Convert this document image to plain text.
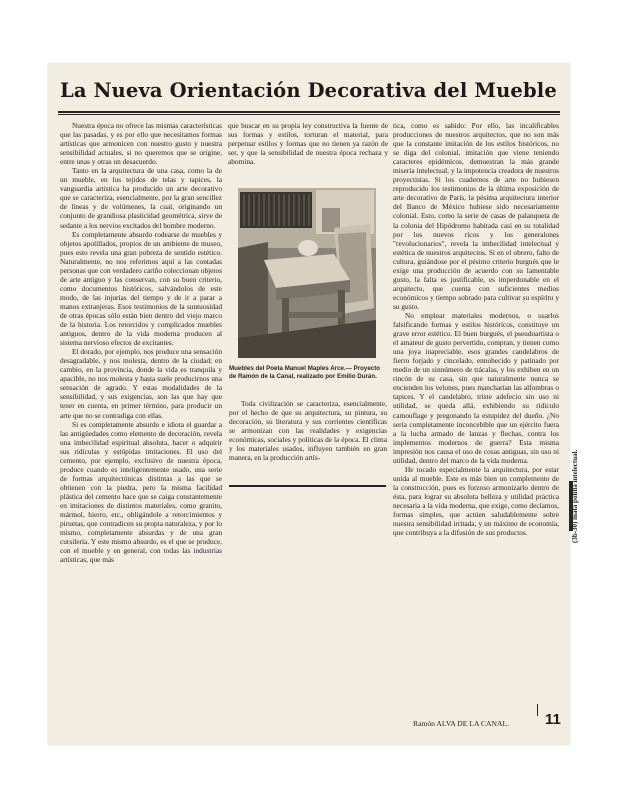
La Nueva Orientación Decorativa del Mueble

Nuestra época no ofrece las mismas características que las pasadas, y es por ello que necesitamos formas artísticas que armonicen con nuestro gusto y nuestra sensibilidad actuales, si no queremos que se origine, entre unas y otras un desacuerdo.

Tanto en la arquitectura de una casa, como la de un mueble, en los tejidos de telas y tapices, la vanguardia artística ha producido un arte decorativo que se caracteriza, esencialmente, por la gran sencillez de líneas y de volúmenes, la cual, originando un conjunto de grandiosa plasticidad geométrica, sirve de sedante a los nervios excitados del hombre moderno.

Es completamente absurdo rodearse de muebles y objetos apolillados, propios de un ambiente de museo, pues esto revela una gran pobreza de sentido estético. Naturalmente, no nos referimos aquí a las contadas personas que con verdadero cariño coleccionan objetos de arte antiguo y las conservan, con su buen criterio, como documentos históricos, salvándolos de este modo, de las injurias del tiempo y de ir a parar a manos extranjeras. Esos testimonios de la suntuosidad de otras épocas sólo están bien dentro del viejo marco de la historia. Los retorcidos y complicados muebles antiguos, dentro de la vida moderna producen al sistema nervioso efectos de excitantes.

El dorado, por ejemplo, nos produce una sensación desagradable, y nos molesta, dentro de la ciudad; en cambio, en la provincia, donde la vida es tranquila y apacible, no nos molesta y hasta suele producirnos una sensación de agrado. Y estas modalidades de la sensibilidad, y sus exigencias, son las que hay que tener en cuenta, en primer término, para producir un arte que no se contradiga con ellas.

Si es completamente absurdo e idiota el guardar a las antigüedades como elemento de decoración, revela una imbecilidad espiritual absoluta, hacer o adquirir sus ridículas y estúpidas imitaciones. El uso del cemento, por ejemplo, exclusivo de nuestra época, produce cuando es inteligentemente usado, una serie de formas arquitectónicas distintas a las que se obtienen con la piedra, pero la misma facilidad plástica del cemento hace que se caiga constantemente en imitaciones de distintos materiales, como granito, mármol, hierro, etc., obligándole a retorcimientos y piruetas, que contradicen su propia naturaleza, y por lo mismo, completamente absurdas y de una gran cursilería. Y este mismo absurdo, es el que se produce, con el mueble y en general, con todas las industrias artísticas, que más

que buscar en su propia ley constructiva la fuente de sus formas y estilos, torturan el material, para perpetuar estilos y formas que no tienen ya razón de ser, y que la sensibilidad de nuestra época rechaza y abomina.

Muebles del Poeta Manuel Maples Arce.— Proyecto de Ramón de la Canal, realizado por Emilio Durán.

Toda civilización se caracteriza, esencialmente, por el hecho de que su arquitectura, su pintura, su decoración, su literatura y sus corrientes científicas se armonizan con las realidades y exigencias económicas, sociales y políticas de la época. El clima y los materiales usados, influyen también en gran manera, en la producción artís-

tica, como es sabido: Por ello, las incalificables producciones de nuestros arquitectos, que no son más que la constante imitación de los estilos históricos, no se diga del colonial, imitación que viene teniendo caracteres epidémicos, demuestran la más grande miseria intelectual, y la impotencia creadora de nuestros proyectistas. Si los cuadernos de arte no hubiesen reproducido los testimonios de la última exposición de arte decorativo de París, la pésima arquitectura interior del Banco de México hubiese sido necesariamente colonial. Esto, como la serie de casas de palanqueta de la colonia del Hipódromo habitada casi en su totalidad por los nuevos ricos y los generalones "revolucionarios", revela la imbecilidad intelectual y estética de nuestros arquitectos. Si en el obrero, falto de cultura, guiándose por el pésimo criterio burgués que le exige una producción de acuerdo con su lamentable gusto, la falta es justificable, es imperdonable en el arquitecto, que cuenta con suficientes medios económicos y tiempo sobrado para cultivar su espíritu y su gusto.

No emplear materiales modernos, o usarlos falsificando formas y estilos históricos, constituye un grave error estético. El buen burgués, el pseudoartista o el amateur de gusto pervertido, compran, y tienen como una joya inapreciable, esos grandes candelabros de fierro forjado y cincelado, ennohecido y patinado por medio de un sinnúmero de trácalas, y los exhiben en un rincón de su casa, sin que naturalmente nunca se encienden los velones, pues mancharían las alfombras o tapices. Y el candelabro, triste adefecio sin uso ni utilidad, se queda allá, exhibiendo su ridículo camouflage y pregonando la estupidez del dueño. ¿No sería completamente inconcebible que un ejército fuera a la lucha armado de lanzas y flechas, contra los implementos modernos de guerra? Esta misma impresión nos causa el uso de cosas antiguas, sin uso ni utilidad, dentro del marco de la vida moderna.

He tocado especialmente la arquitectura, por estar unida al mueble. Este es más bien un complemento de la construcción, pues es forzoso armonizarlo dentro de ésta, para lograr su absoluta belleza y utilidad práctica necesaria a la vida moderna, que exige, como decíamos, formas simples, que actúen saludablemente sobre nuestra sensibilidad irritada, y un máximo de economía, que contribuya a la difusión de sus productos.

Ramón ALVA DE LA CANAL. 11
(3b-30) mata polilla intelectual.
